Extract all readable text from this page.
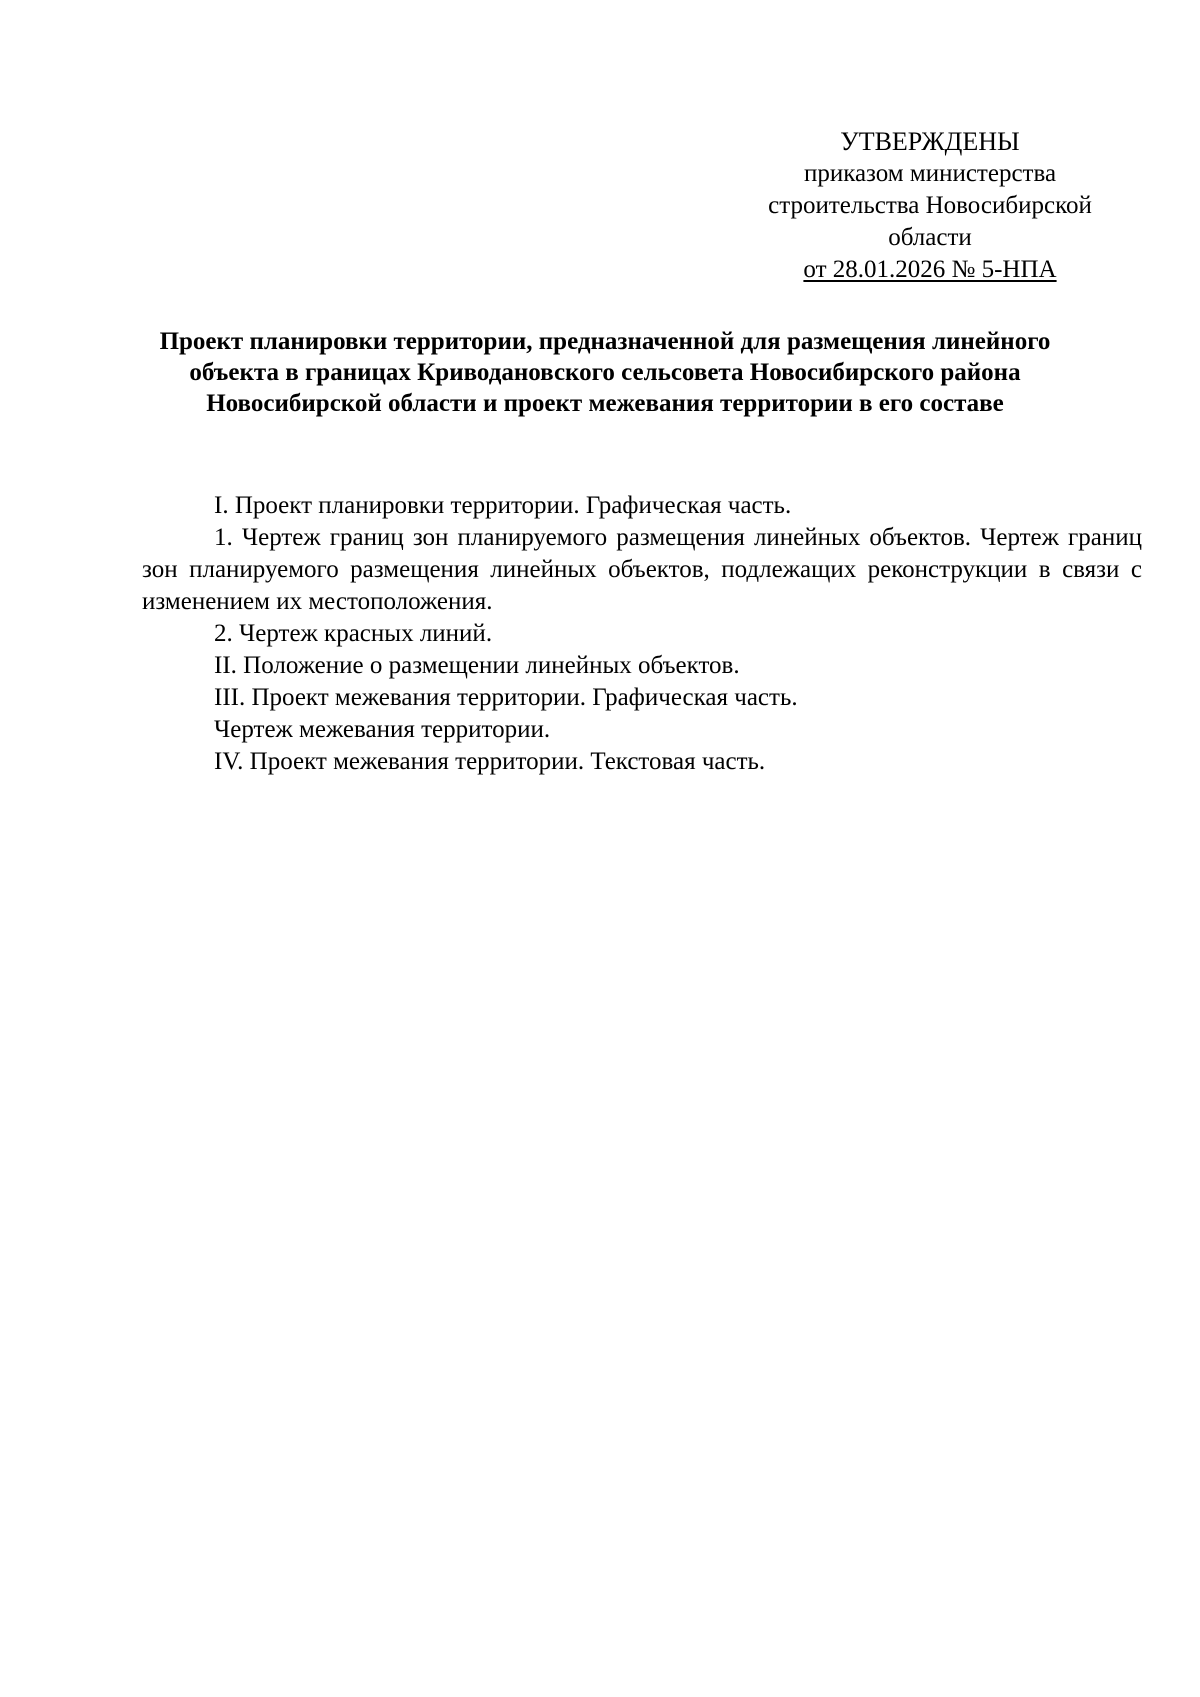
УТВЕРЖДЕНЫ
приказом министерства
строительства Новосибирской
области
от 28.01.2026 № 5-НПА
Проект планировки территории, предназначенной для размещения линейного объекта в границах Криводановского сельсовета Новосибирского района Новосибирской области и проект межевания территории в его составе

I. Проект планировки территории. Графическая часть.

1. Чертеж границ зон планируемого размещения линейных объектов. Чертеж границ зон планируемого размещения линейных объектов, подлежащих реконструкции в связи с изменением их местоположения.

2. Чертеж красных линий.

II. Положение о размещении линейных объектов.

III. Проект межевания территории. Графическая часть.

Чертеж межевания территории.

IV. Проект межевания территории. Текстовая часть.
